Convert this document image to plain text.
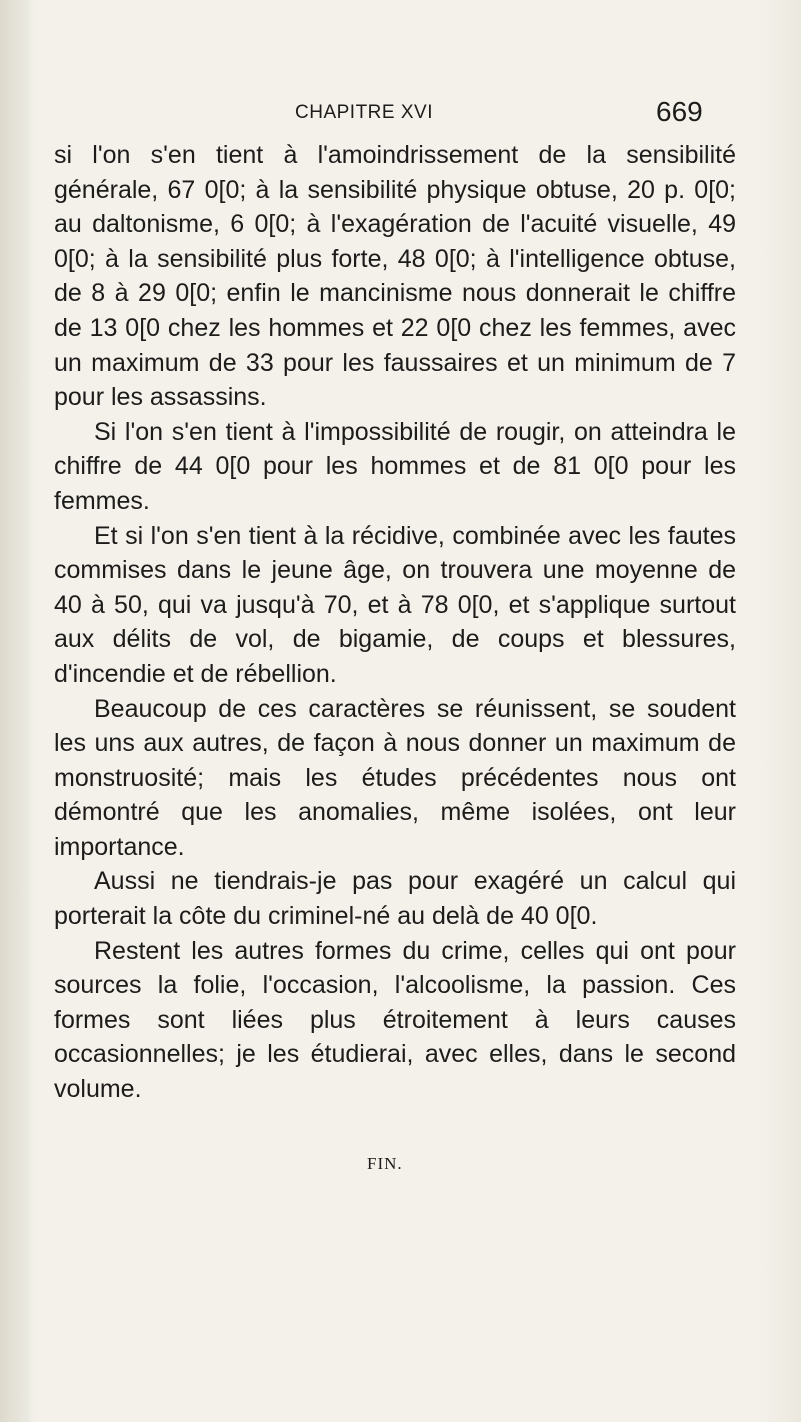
CHAPITRE XVI	669

si l'on s'en tient à l'amoindrissement de la sensibilité générale, 67 0[0; à la sensibilité physique obtuse, 20 p. 0[0; au daltonisme, 6 0[0; à l'exagération de l'acuité visuelle, 49 0[0; à la sensibilité plus forte, 48 0[0; à l'intelligence obtuse, de 8 à 29 0[0; enfin le mancinisme nous donnerait le chiffre de 13 0[0 chez les hommes et 22 0[0 chez les femmes, avec un maximum de 33 pour les faussaires et un minimum de 7 pour les assassins.

Si l'on s'en tient à l'impossibilité de rougir, on atteindra le chiffre de 44 0[0 pour les hommes et de 81 0[0 pour les femmes.

Et si l'on s'en tient à la récidive, combinée avec les fautes commises dans le jeune âge, on trouvera une moyenne de 40 à 50, qui va jusqu'à 70, et à 78 0[0, et s'applique surtout aux délits de vol, de bigamie, de coups et blessures, d'incendie et de rébellion.

Beaucoup de ces caractères se réunissent, se soudent les uns aux autres, de façon à nous donner un maximum de monstruosité; mais les études précédentes nous ont démontré que les anomalies, même isolées, ont leur importance.

Aussi ne tiendrais-je pas pour exagéré un calcul qui porterait la côte du criminel-né au delà de 40 0[0.

Restent les autres formes du crime, celles qui ont pour sources la folie, l'occasion, l'alcoolisme, la passion. Ces formes sont liées plus étroitement à leurs causes occasionnelles; je les étudierai, avec elles, dans le second volume.

FIN.
